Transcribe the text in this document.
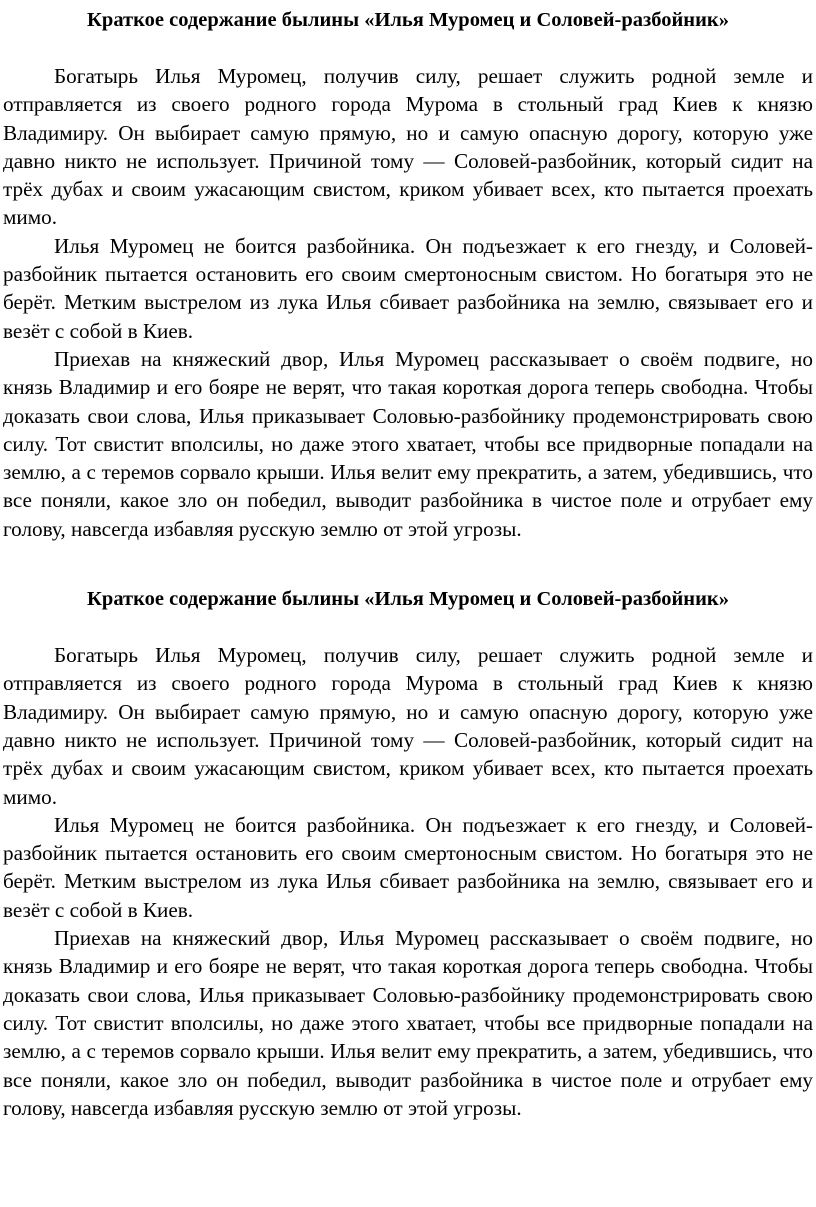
Краткое содержание былины «Илья Муромец и Соловей-разбойник»

Богатырь Илья Муромец, получив силу, решает служить родной земле и отправляется из своего родного города Мурома в стольный град Киев к князю Владимиру. Он выбирает самую прямую, но и самую опасную дорогу, которую уже давно никто не использует. Причиной тому — Соловей-разбойник, который сидит на трёх дубах и своим ужасающим свистом, криком убивает всех, кто пытается проехать мимо.

Илья Муромец не боится разбойника. Он подъезжает к его гнезду, и Соловей-разбойник пытается остановить его своим смертоносным свистом. Но богатыря это не берёт. Метким выстрелом из лука Илья сбивает разбойника на землю, связывает его и везёт с собой в Киев.

Приехав на княжеский двор, Илья Муромец рассказывает о своём подвиге, но князь Владимир и его бояре не верят, что такая короткая дорога теперь свободна. Чтобы доказать свои слова, Илья приказывает Соловью-разбойнику продемонстрировать свою силу. Тот свистит вполсилы, но даже этого хватает, чтобы все придворные попадали на землю, а с теремов сорвало крыши. Илья велит ему прекратить, а затем, убедившись, что все поняли, какое зло он победил, выводит разбойника в чистое поле и отрубает ему голову, навсегда избавляя русскую землю от этой угрозы.

Краткое содержание былины «Илья Муромец и Соловей-разбойник»

Богатырь Илья Муромец, получив силу, решает служить родной земле и отправляется из своего родного города Мурома в стольный град Киев к князю Владимиру. Он выбирает самую прямую, но и самую опасную дорогу, которую уже давно никто не использует. Причиной тому — Соловей-разбойник, который сидит на трёх дубах и своим ужасающим свистом, криком убивает всех, кто пытается проехать мимо.

Илья Муромец не боится разбойника. Он подъезжает к его гнезду, и Соловей-разбойник пытается остановить его своим смертоносным свистом. Но богатыря это не берёт. Метким выстрелом из лука Илья сбивает разбойника на землю, связывает его и везёт с собой в Киев.

Приехав на княжеский двор, Илья Муромец рассказывает о своём подвиге, но князь Владимир и его бояре не верят, что такая короткая дорога теперь свободна. Чтобы доказать свои слова, Илья приказывает Соловью-разбойнику продемонстрировать свою силу. Тот свистит вполсилы, но даже этого хватает, чтобы все придворные попадали на землю, а с теремов сорвало крыши. Илья велит ему прекратить, а затем, убедившись, что все поняли, какое зло он победил, выводит разбойника в чистое поле и отрубает ему голову, навсегда избавляя русскую землю от этой угрозы.
